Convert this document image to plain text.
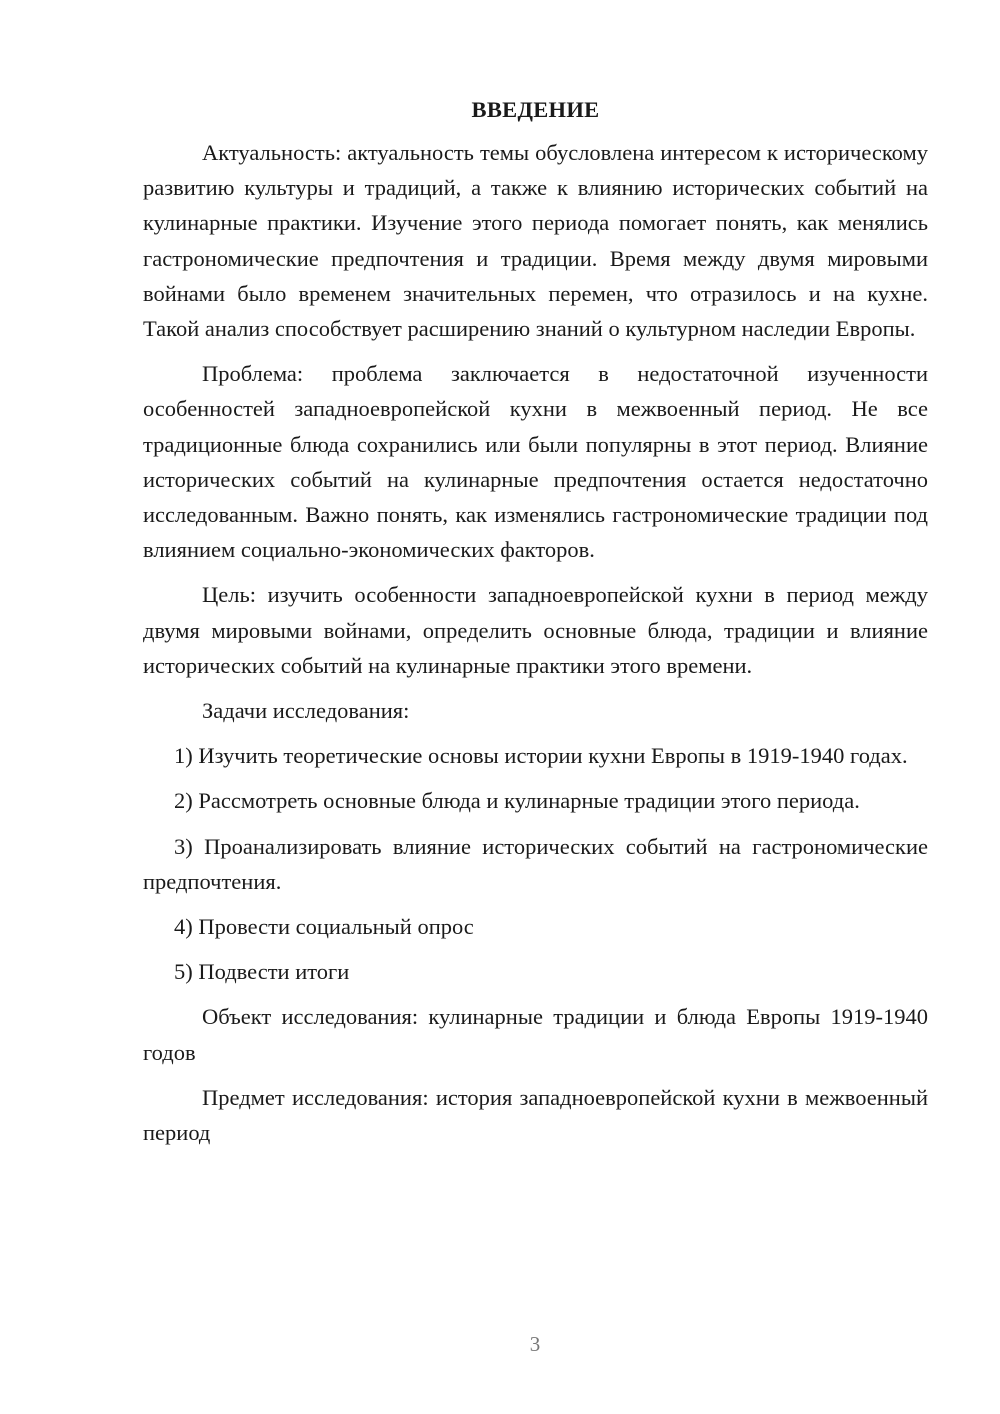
ВВЕДЕНИЕ

Актуальность: актуальность темы обусловлена интересом к историческому развитию культуры и традиций, а также к влиянию исторических событий на кулинарные практики. Изучение этого периода помогает понять, как менялись гастрономические предпочтения и традиции. Время между двумя мировыми войнами было временем значительных перемен, что отразилось и на кухне. Такой анализ способствует расширению знаний о культурном наследии Европы.

Проблема: проблема заключается в недостаточной изученности особенностей западноевропейской кухни в межвоенный период. Не все традиционные блюда сохранились или были популярны в этот период. Влияние исторических событий на кулинарные предпочтения остается недостаточно исследованным. Важно понять, как изменялись гастрономические традиции под влиянием социально-экономических факторов.

Цель: изучить особенности западноевропейской кухни в период между двумя мировыми войнами, определить основные блюда, традиции и влияние исторических событий на кулинарные практики этого времени.

Задачи исследования:

1) Изучить теоретические основы истории кухни Европы в 1919-1940 годах.

2) Рассмотреть основные блюда и кулинарные традиции этого периода.

3) Проанализировать влияние исторических событий на гастрономические предпочтения.

4) Провести социальный опрос

5) Подвести итоги

Объект исследования: кулинарные традиции и блюда Европы 1919-1940 годов

Предмет исследования: история западноевропейской кухни в межвоенный период

3
